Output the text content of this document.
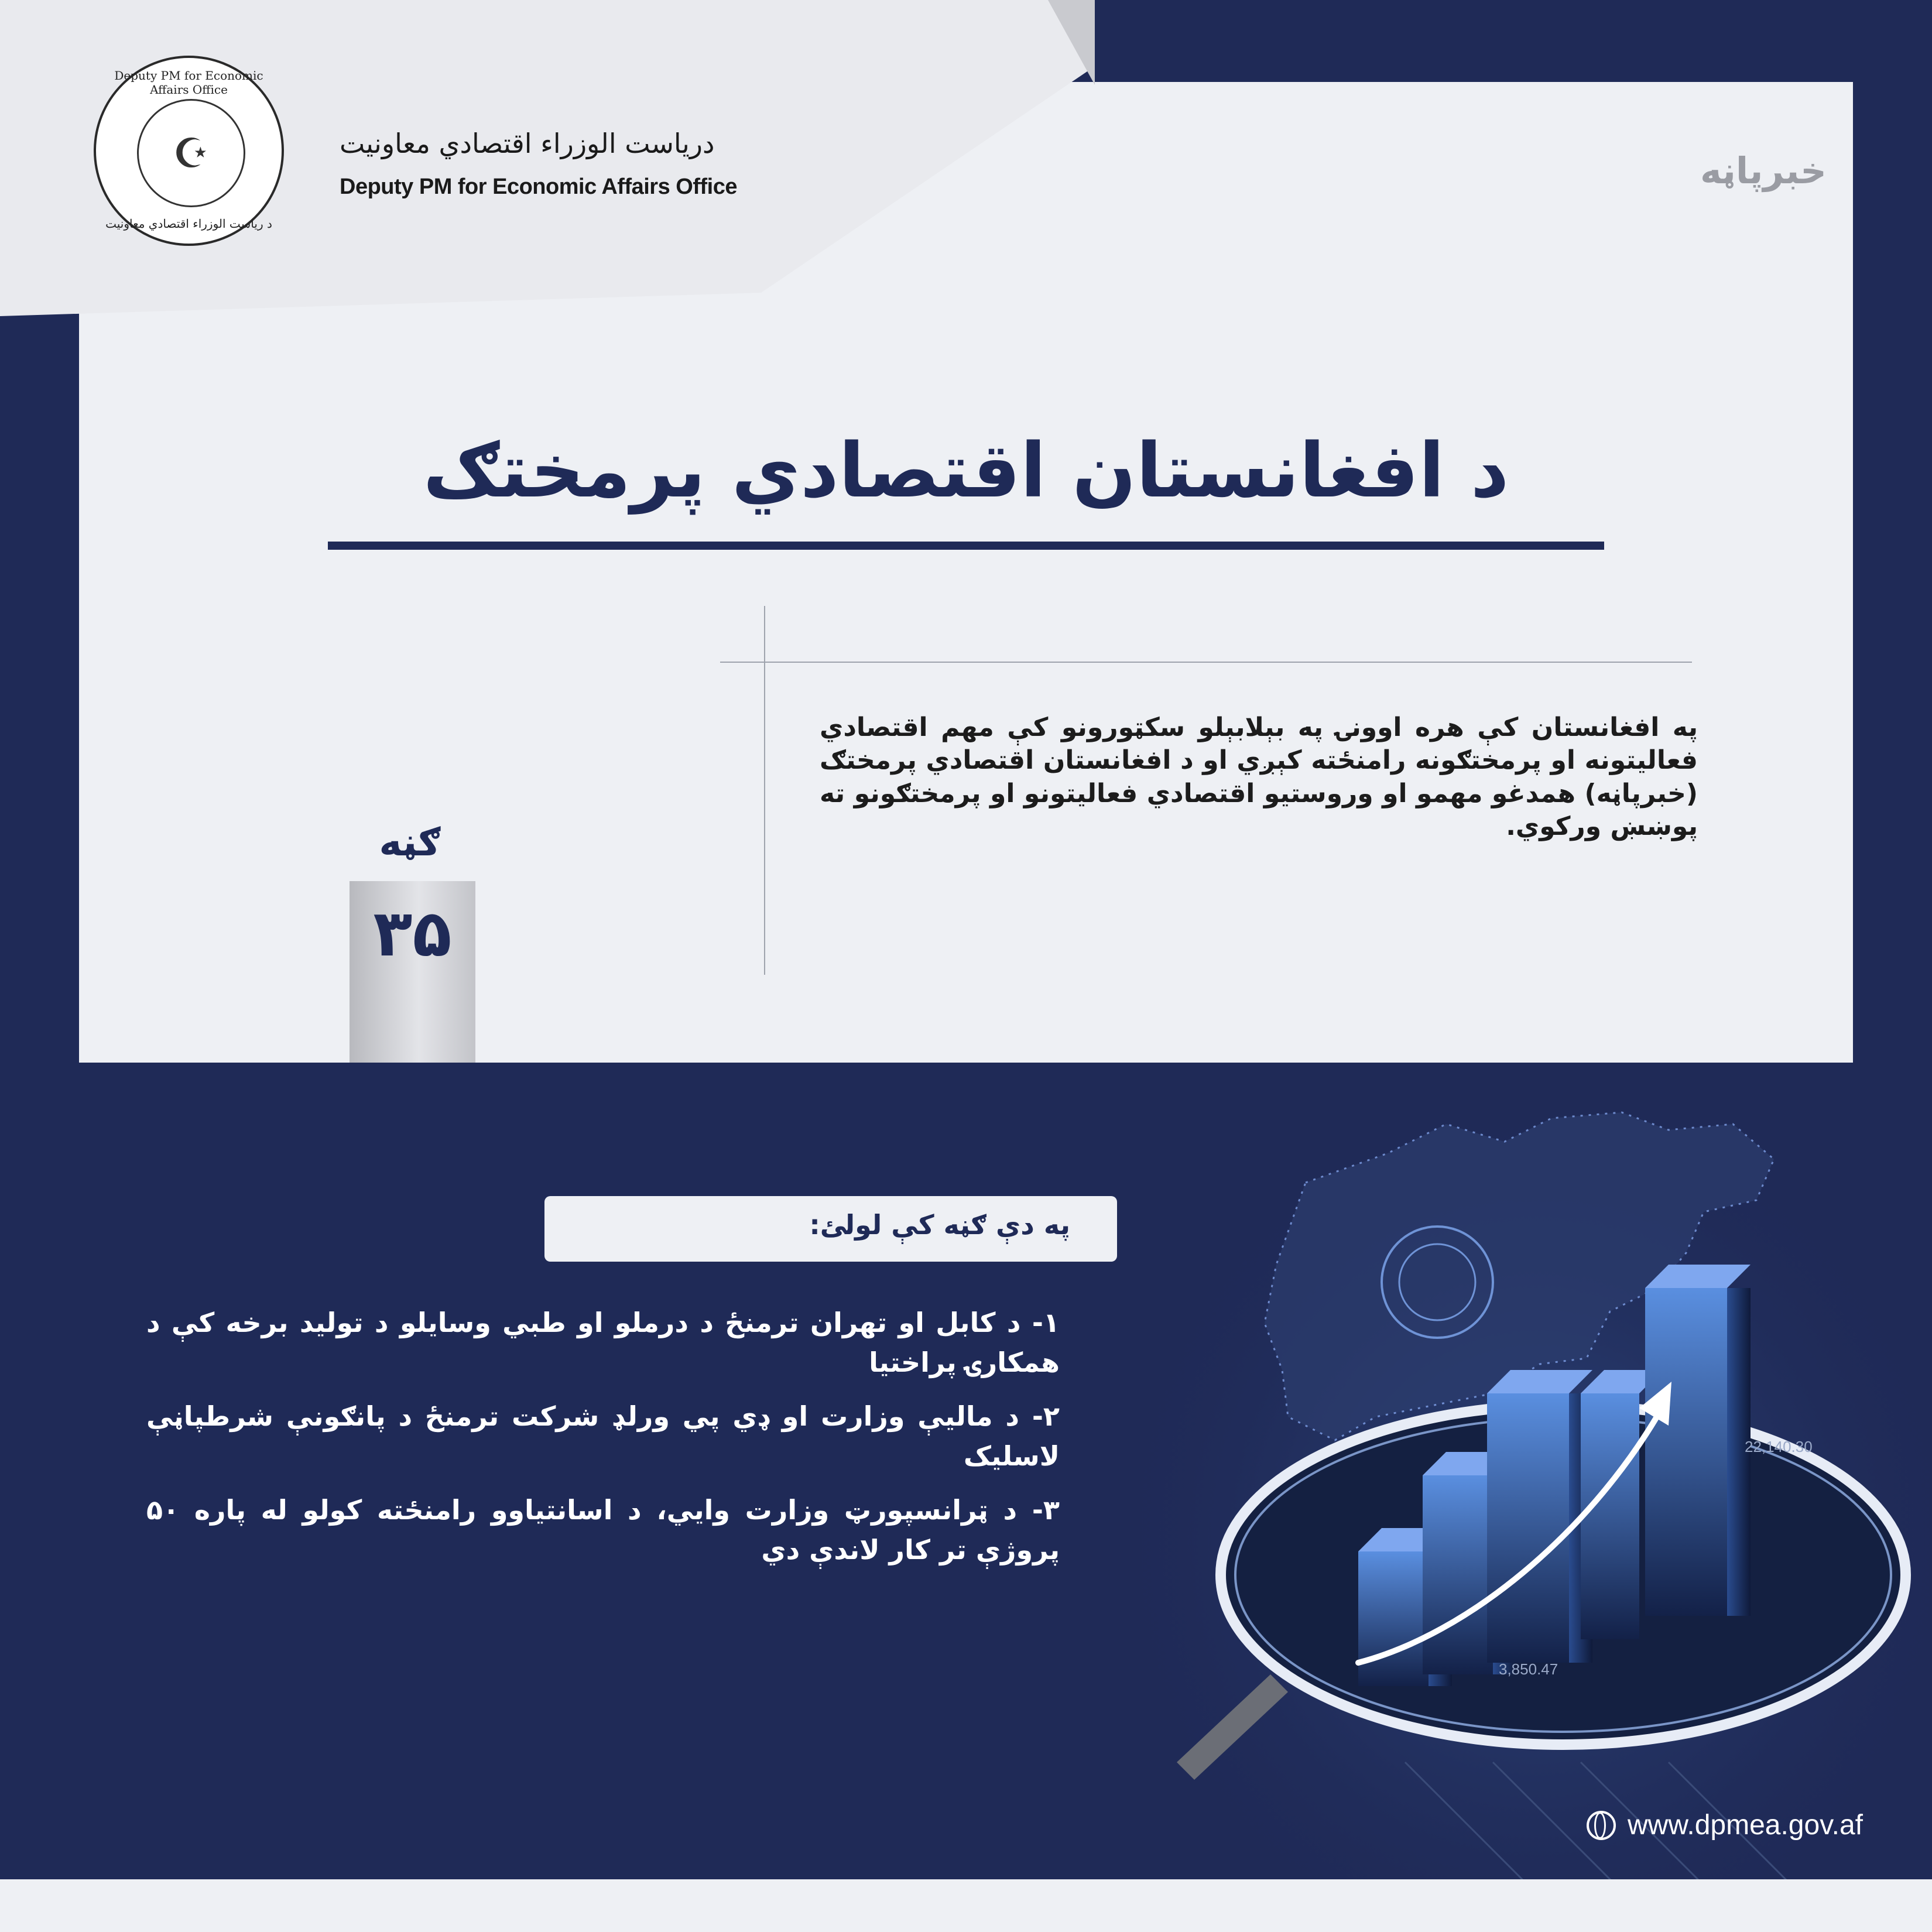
Deputy PM for Economic Affairs Office
☪
د رياست الوزراء اقتصادي معاونيت
درياست الوزراء اقتصادي معاونيت
Deputy PM for Economic Affairs Office	خبرپاڼه
د افغانستان اقتصادي پرمختګ
په افغانستان کې هره اوونۍ په بېلابېلو سکټورونو کې مهم اقتصادي فعالیتونه او پرمختګونه رامنځته کېږي او د افغانستان اقتصادي پرمختګ (خبرپاڼه) همدغو مهمو او وروستیو اقتصادي فعالیتونو او پرمختګونو ته پوښښ ورکوي.
ګڼه
۳۵
په دې ګڼه کې لولئ:
۱- د کابل او تهران ترمنځ د درملو او طبي وسایلو د تولید برخه کې د همکارۍ پراختیا
۲- د مالیې وزارت او ډي پي ورلډ شرکت ترمنځ د پانګونې شرطپاڼې لاسلیک
۳- د ټرانسپورټ وزارت وايي، د اسانتیاوو رامنځته کولو له پاره ۵۰ پروژې تر کار لاندې دي
22,140.30
3,850.47
www.dpmea.gov.af
